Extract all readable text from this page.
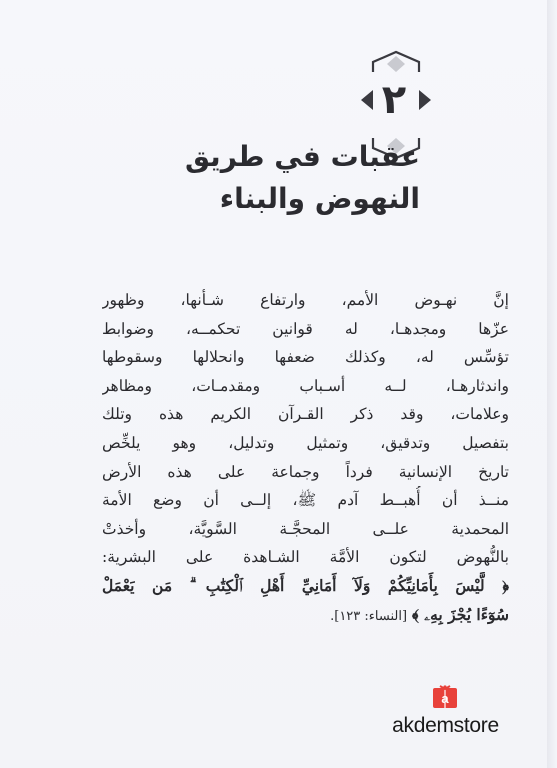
٢
عقبات في طريق
النهوض والبناء
إنَّ نهـوض الأمم، وارتفاع شـأنها، وظهور
عزّها ومجدهـا، له قوانين تحكمــه، وضوابط
تؤسِّس له، وكذلك ضعفها وانحلالها وسقوطها
واندثارهـا، لــه أسـباب ومقدمـات، ومظاهر
وعلامات، وقد ذكر القـرآن الكريم هذه وتلك
بتفصيل وتدقيق، وتمثيل وتدليل، وهو يلخِّص
تاريخ الإنسانية فرداً وجماعة على هذه الأرض
منــذ أن أُهبــط آدم ﷺ، إلــى أن وضع الأمة
المحمدية علــى المحجَّـة السَّويَّة، وأخذتْ
بالنُّهوض لتكون الأمَّة الشـاهدة على البشرية:
﴿ لَّيْسَ بِأَمَانِيِّكُمْ وَلَآ أَمَانِيِّ أَهْلِ ٱلْكِتَٰبِ ۗ مَن يَعْمَلْ
سُوٓءًا يُجْزَ بِهِۦ ﴾ [النساء: ١٢٣].
a
akdemstore
